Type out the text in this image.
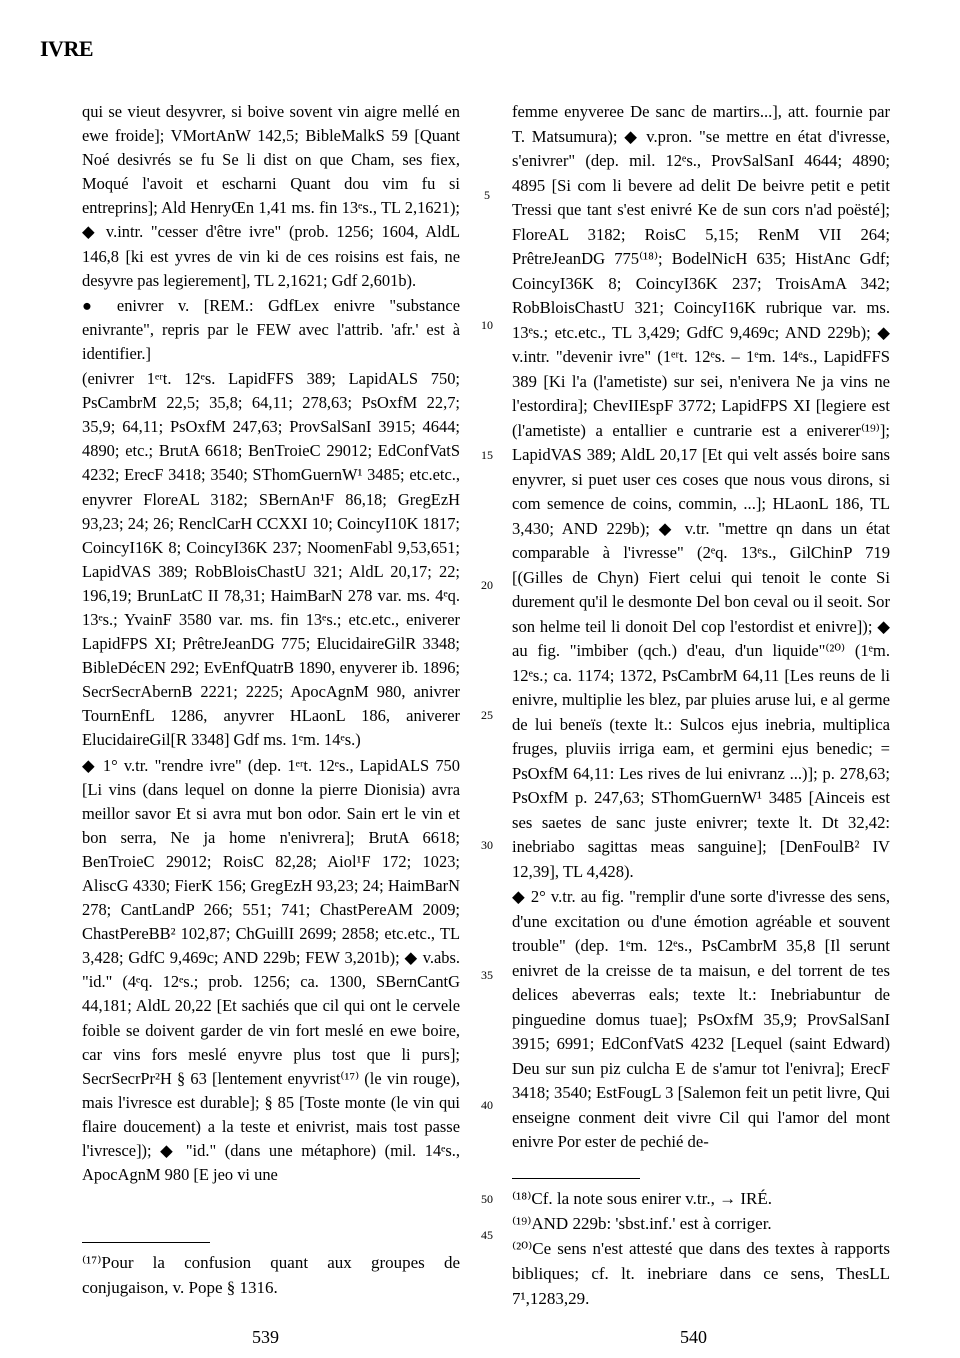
IVRE

qui se vieut desyvrer, si boive sovent vin aigre mellé en ewe froide]; VMortAnW 142,5; BibleMalkS 59 [Quant Noé desivrés se fu Se li dist on que Cham, ses fiex, Moqué l'avoit et escharni Quant dou vim fu si entreprins]; Ald HenryŒn 1,41 ms. fin 13ᵉs., TL 2,1621); ◆ v.intr. "cesser d'être ivre" (prob. 1256; 1604, AldL 146,8 [ki est yvres de vin ki de ces roisins est fais, ne desyvre pas legierement], TL 2,1621; Gdf 2,601b).

● enivrer v. [REM.: GdfLex enivre "substance enivrante", repris par le FEW avec l'attrib. 'afr.' est à identifier.]

(enivrer 1ᵉʳt. 12ᵉs. LapidFFS 389; LapidALS 750; PsCambrM 22,5; 35,8; 64,11; 278,63; PsOxfM 22,7; 35,9; 64,11; PsOxfM 247,63; ProvSalSanI 3915; 4644; 4890; etc.; BrutA 6618; BenTroieC 29012; EdConfVatS 4232; ErecF 3418; 3540; SThomGuernW¹ 3485; etc.etc., enyvrer FloreAL 3182; SBernAn¹F 86,18; GregEzH 93,23; 24; 26; RenclCarH CCXXI 10; CoincyI10K 1817; CoincyI16K 8; CoincyI36K 237; NoomenFabl 9,53,651; LapidVAS 389; RobBloisChastU 321; AldL 20,17; 22; 196,19; BrunLatC II 78,31; HaimBarN 278 var. ms. 4ᵉq. 13ᵉs.; YvainF 3580 var. ms. fin 13ᵉs.; etc.etc., eniverer LapidFPS XI; PrêtreJeanDG 775; ElucidaireGilR 3348; BibleDécEN 292; EvEnfQuatrB 1890, enyverer ib. 1896; SecrSecrAbernB 2221; 2225; ApocAgnM 980, anivrer TournEnfL 1286, anyvrer HLaonL 186, aniverer ElucidaireGil[R 3348] Gdf ms. 1ᵉm. 14ᵉs.)

◆ 1° v.tr. "rendre ivre" (dep. 1ᵉʳt. 12ᵉs., LapidALS 750 [Li vins (dans lequel on donne la pierre Dionisia) avra meillor savor Et si avra mut bon odor. Sain ert le vin et bon serra, Ne ja home n'enivrera]; BrutA 6618; BenTroieC 29012; RoisC 82,28; Aiol¹F 172; 1023; AliscG 4330; FierK 156; GregEzH 93,23; 24; HaimBarN 278; CantLandP 266; 551; 741; ChastPereAM 2009; ChastPereBB² 102,87; ChGuillI 2699; 2858; etc.etc., TL 3,428; GdfC 9,469c; AND 229b; FEW 3,201b); ◆ v.abs. "id." (4ᵉq. 12ᵉs.; prob. 1256; ca. 1300, SBernCantG 44,181; AldL 20,22 [Et sachiés que cil qui ont le cervele foible se doivent garder de vin fort meslé en ewe boire, car vins fors meslé enyvre plus tost que li purs]; SecrSecrPr²H § 63 [lentement enyvrist⁽¹⁷⁾ (le vin rouge), mais l'ivresce est durable]; § 85 [Toste monte (le vin qui flaire doucement) a la teste et enivrist, mais tost passe l'ivresce]); ◆ "id." (dans une métaphore) (mil. 14ᵉs., ApocAgnM 980 [E jeo vi une

femme enyveree De sanc de martirs...], att. fournie par T. Matsumura); ◆ v.pron. "se mettre en état d'ivresse, s'enivrer" (dep. mil. 12ᵉs., ProvSalSanI 4644; 4890; 4895 [Si com li bevere ad delit De beivre petit e petit Tressi que tant s'est enivré Ke de sun cors n'ad poësté]; FloreAL 3182; RoisC 5,15; RenM VII 264; PrêtreJeanDG 775⁽¹⁸⁾; BodelNicH 635; HistAnc Gdf; CoincyI36K 8; CoincyI36K 237; TroisAmA 342; RobBloisChastU 321; CoincyI16K rubrique var. ms. 13ᵉs.; etc.etc., TL 3,429; GdfC 9,469c; AND 229b); ◆ v.intr. "devenir ivre" (1ᵉʳt. 12ᵉs. – 1ᵉm. 14ᵉs., LapidFFS 389 [Ki l'a (l'ametiste) sur sei, n'enivera Ne ja vins ne l'estordira]; ChevIIEspF 3772; LapidFPS XI [legiere est (l'ametiste) a entallier e cuntrarie est a eniverer⁽¹⁹⁾]; LapidVAS 389; AldL 20,17 [Et qui velt assés boire sans enyvrer, si puet user ces coses que nous vous dirons, si com semence de coins, commin, ...]; HLaonL 186, TL 3,430; AND 229b); ◆ v.tr. "mettre qn dans un état comparable à l'ivresse" (2ᵉq. 13ᵉs., GilChinP 719 [(Gilles de Chyn) Fiert celui qui tenoit le conte Si durement qu'il le desmonte Del bon ceval ou il seoit. Sor son helme teil li donoit Del cop l'estordist et enivre]); ◆ au fig. "imbiber (qch.) d'eau, d'un liquide"⁽²⁰⁾ (1ᵉm. 12ᵉs.; ca. 1174; 1372, PsCambrM 64,11 [Les reuns de li enivre, multiplie les blez, par pluies aruse lui, e al germe de lui beneïs (texte lt.: Sulcos ejus inebria, multiplica fruges, pluviis irriga eam, et germini ejus benedic; = PsOxfM 64,11: Les rives de lui enivranz ...)]; p. 278,63; PsOxfM p. 247,63; SThomGuernW¹ 3485 [Ainceis est ses saetes de sanc juste enivrer; texte lt. Dt 32,42: inebriabo sagittas meas sanguine]; [DenFoulB² IV 12,39], TL 4,428).

◆ 2° v.tr. au fig. "remplir d'une sorte d'ivresse des sens, d'une excitation ou d'une émotion agréable et souvent trouble" (dep. 1ᵉm. 12ᵉs., PsCambrM 35,8 [Il serunt enivret de la creisse de ta maisun, e del torrent de tes delices abeverras eals; texte lt.: Inebriabuntur de pinguedine domus tuae]; PsOxfM 35,9; ProvSalSanI 3915; 6991; EdConfVatS 4232 [Lequel (saint Edward) Deu sur sun piz culcha E de s'amur tot l'enivra]; ErecF 3418; 3540; EstFougL 3 [Salemon feit un petit livre, Qui enseigne conment deit vivre Cil qui l'amor del mont enivre Por ester de pechié de-

5
10
15
20
25
30
35
40
45
50

⁽¹⁷⁾Pour la confusion quant aux groupes de conjugaison, v. Pope § 1316.

⁽¹⁸⁾Cf. la note sous enirer v.tr., → IRÉ.

⁽¹⁹⁾AND 229b: 'sbst.inf.' est à corriger.

⁽²⁰⁾Ce sens n'est attesté que dans des textes à rapports bibliques; cf. lt. inebriare dans ce sens, ThesLL 7¹,1283,29.

539	540
